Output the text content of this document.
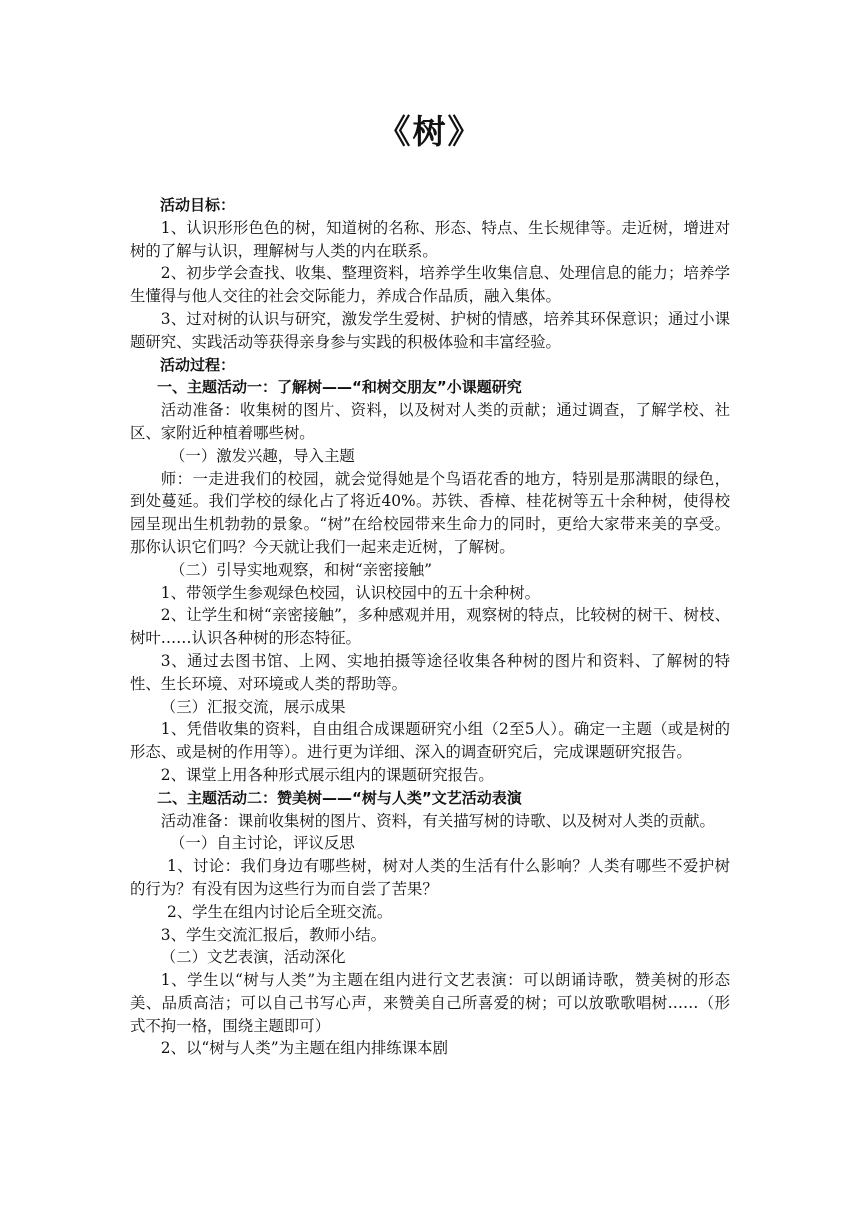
《树》

活动目标：

1、认识形形色色的树，知道树的名称、形态、特点、生长规律等。走近树，增进对树的了解与认识，理解树与人类的内在联系。

2、初步学会查找、收集、整理资料，培养学生收集信息、处理信息的能力；培养学生懂得与他人交往的社会交际能力，养成合作品质，融入集体。

3、过对树的认识与研究，激发学生爱树、护树的情感，培养其环保意识；通过小课题研究、实践活动等获得亲身参与实践的积极体验和丰富经验。

活动过程：

一、主题活动一：了解树——“和树交朋友”小课题研究

活动准备：收集树的图片、资料，以及树对人类的贡献；通过调查，了解学校、社区、家附近种植着哪些树。

（一）激发兴趣，导入主题

师：一走进我们的校园，就会觉得她是个鸟语花香的地方，特别是那满眼的绿色，到处蔓延。我们学校的绿化占了将近40%。苏铁、香樟、桂花树等五十余种树，使得校园呈现出生机勃勃的景象。“树”在给校园带来生命力的同时，更给大家带来美的享受。那你认识它们吗？今天就让我们一起来走近树，了解树。

（二）引导实地观察，和树“亲密接触”

1、带领学生参观绿色校园，认识校园中的五十余种树。

2、让学生和树“亲密接触”，多种感观并用，观察树的特点，比较树的树干、树枝、树叶……认识各种树的形态特征。

3、通过去图书馆、上网、实地拍摄等途径收集各种树的图片和资料、了解树的特性、生长环境、对环境或人类的帮助等。

（三）汇报交流，展示成果

1、凭借收集的资料，自由组合成课题研究小组（2至5人）。确定一主题（或是树的形态、或是树的作用等）。进行更为详细、深入的调查研究后，完成课题研究报告。

2、课堂上用各种形式展示组内的课题研究报告。

二、主题活动二：赞美树——“树与人类”文艺活动表演

活动准备：课前收集树的图片、资料，有关描写树的诗歌、以及树对人类的贡献。

（一）自主讨论，评议反思

1、讨论：我们身边有哪些树，树对人类的生活有什么影响？人类有哪些不爱护树的行为？有没有因为这些行为而自尝了苦果？

2、学生在组内讨论后全班交流。

3、学生交流汇报后，教师小结。

（二）文艺表演，活动深化

1、学生以“树与人类”为主题在组内进行文艺表演：可以朗诵诗歌，赞美树的形态美、品质高洁；可以自己书写心声，来赞美自己所喜爱的树；可以放歌歌唱树……（形式不拘一格，围绕主题即可）

2、以“树与人类”为主题在组内排练课本剧
